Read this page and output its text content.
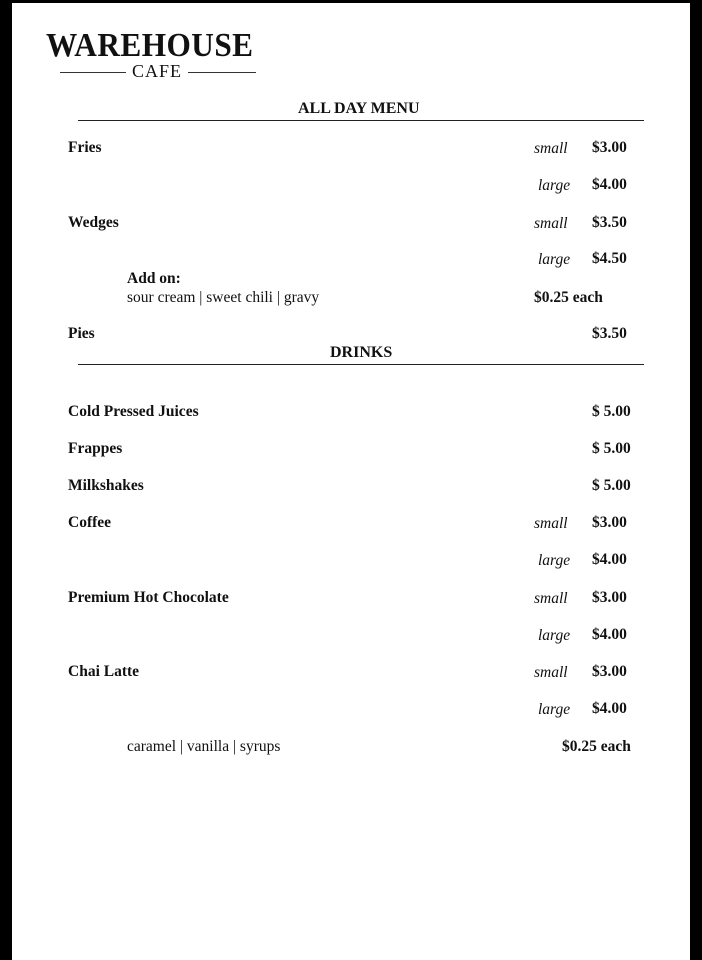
WAREHOUSE
CAFE
ALL DAY MENU
Fries	small $3.00
large $4.00
Wedges	small $3.50
large $4.50
Add on:
sour cream | sweet chili | gravy	$0.25 each
Pies	$3.50
DRINKS
Cold Pressed Juices	$ 5.00
Frappes	$ 5.00
Milkshakes	$ 5.00
Coffee	small $3.00
large $4.00
Premium Hot Chocolate	small $3.00
large $4.00
Chai Latte	small $3.00
large $4.00
caramel | vanilla | syrups	$0.25 each
